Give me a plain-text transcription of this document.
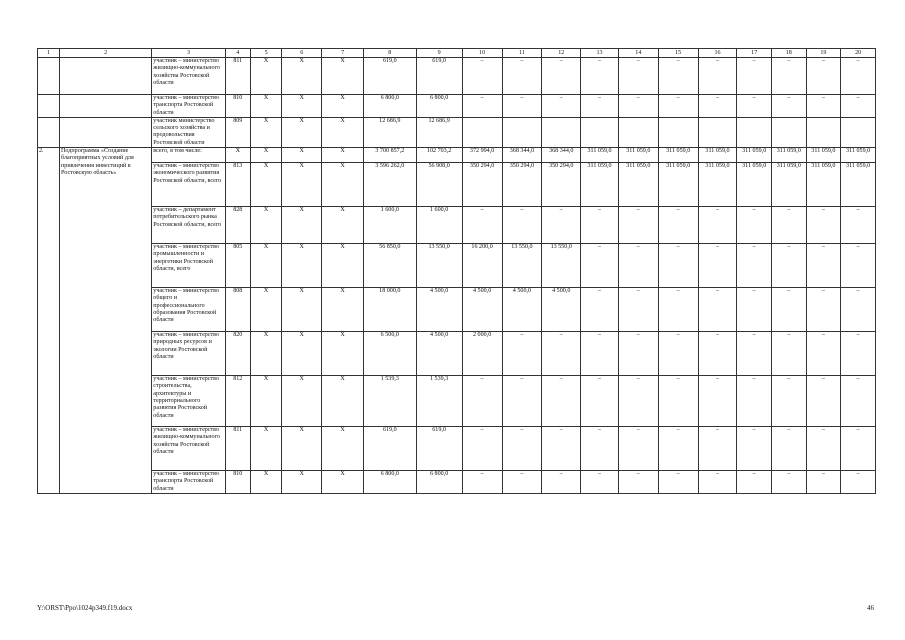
1	2	3	4	5	6	7	8	9	10	11	12	13	14	15	16	17	18	19	20
		участник – министерство жилищно-коммунального хозяйства Ростовской области	811	Х	Х	Х	619,0	619,0	–	–	–	–	–	–	–	–	–	–	–
		участник – министерство транспорта Ростовской области	810	Х	Х	Х	6 800,0	6 800,0	–	–	–	–	–	–	–	–	–	–	–
		участник министерство сельского хозяйства и продовольствия Ростовской области	809	Х	Х	Х	12 686,9	12 686,9											
2.	Подпрограмма «Создание благоприятных условий для привлечения инвестиций в Ростовскую область»	всего, в том числе:	Х	Х	Х	Х	3 700 857,2	102 703,2	372 994,0	368 344,0	368 344,0	311 059,0	311 059,0	311 059,0	311 059,0	311 059,0	311 059,0	311 059,0	311 059,0
		участник – министерство экономического развития Ростовской области, всего	813	Х	Х	Х	3 596 262,0	56 908,0	350 294,0	350 294,0	350 294,0	311 059,0	311 059,0	311 059,0	311 059,0	311 059,0	311 059,0	311 059,0	311 059,0
		участник – департамент потребительского рынка Ростовской области, всего	828	Х	Х	Х	1 600,0	1 600,0	–	–	–	–	–	–	–	–	–	–	–
		участник – министерство промышленности и энергетики Ростовской области, всего	805	Х	Х	Х	56 850,0	13 550,0	16 200,0	13 550,0	13 550,0	–	–	–	–	–	–	–	–
		участник – министерство общего и профессионального образования Ростовской области	808	Х	Х	Х	18 000,0	4 500,0	4 500,0	4 500,0	4 500,0	–	–	–	–	–	–	–	–
		участник – министерство природных ресурсов и экологии Ростовской области	820	Х	Х	Х	6 500,0	4 500,0	2 000,0	–	–	–	–	–	–	–	–	–	–
		участник – министерство строительства, архитектуры и территориального развития Ростовской области	812	Х	Х	Х	1 539,3	1 539,3	–	–	–	–	–	–	–	–	–	–	–
		участник – министерство жилищно-коммунального хозяйства Ростовской области	811	Х	Х	Х	619,0	619,0	–	–	–	–	–	–	–	–	–	–	–
		участник – министерство транспорта Ростовской области	810	Х	Х	Х	6 800,0	6 800,0	–	–	–	–	–	–	–	–	–	–	–
Y:\ORST\Ppo\1024p349.f19.docx	46
